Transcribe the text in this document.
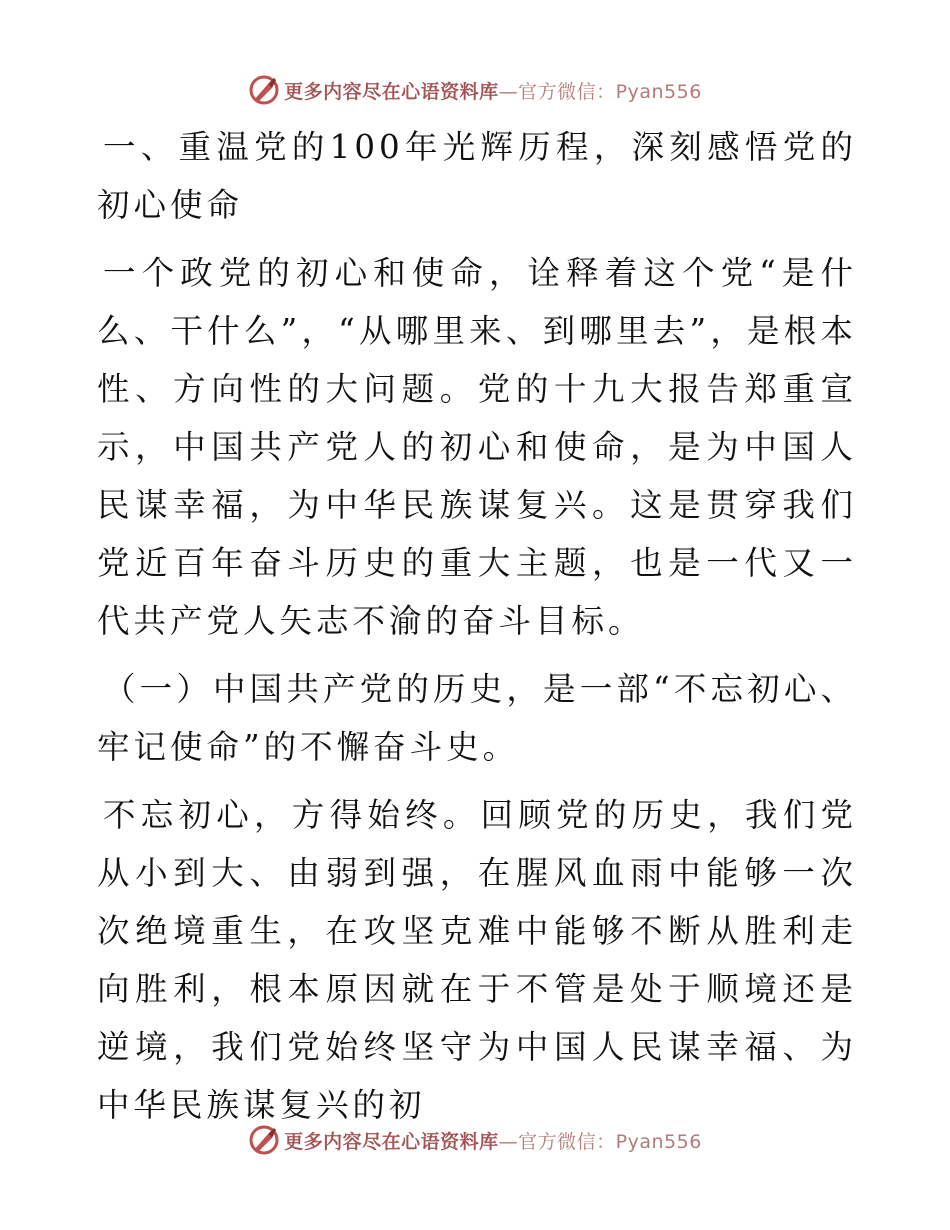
更多内容尽在心语资料库—官方微信：Pyan556

一、重温党的100年光辉历程，深刻感悟党的初心使命

一个政党的初心和使命，诠释着这个党“是什么、干什么”，“从哪里来、到哪里去”，是根本性、方向性的大问题。党的十九大报告郑重宣示，中国共产党人的初心和使命，是为中国人民谋幸福，为中华民族谋复兴。这是贯穿我们党近百年奋斗历史的重大主题，也是一代又一代共产党人矢志不渝的奋斗目标。

（一）中国共产党的历史，是一部“不忘初心、牢记使命”的不懈奋斗史。

不忘初心，方得始终。回顾党的历史，我们党从小到大、由弱到强，在腥风血雨中能够一次次绝境重生，在攻坚克难中能够不断从胜利走向胜利，根本原因就在于不管是处于顺境还是逆境，我们党始终坚守为中国人民谋幸福、为中华民族谋复兴的初

更多内容尽在心语资料库—官方微信：Pyan556
